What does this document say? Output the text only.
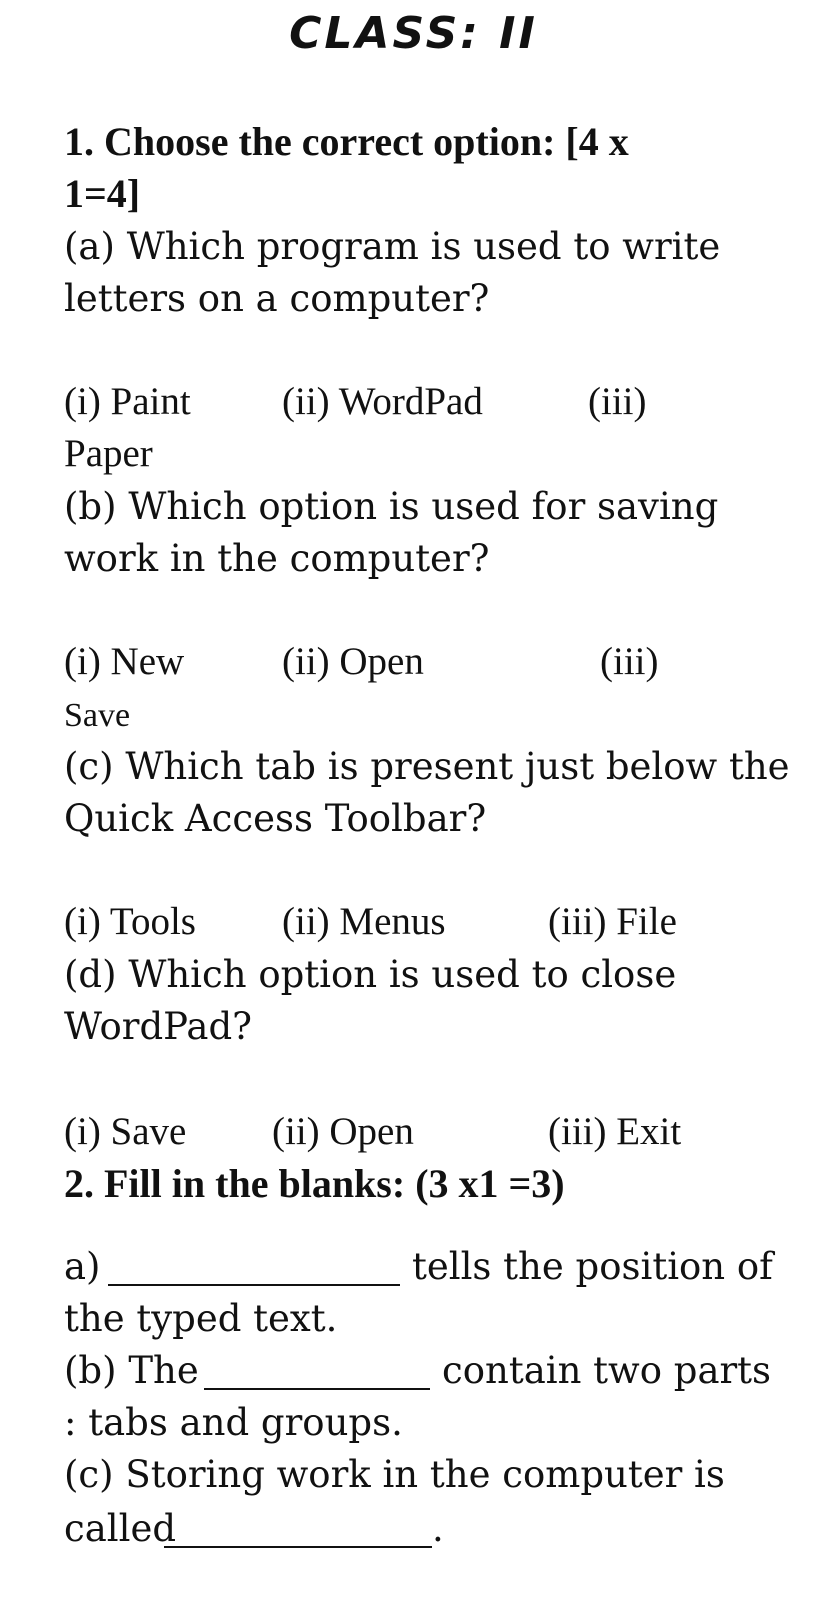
CLASS: II
1. Choose the correct option: [4 x
1=4]
(a) Which program is used to write
letters on a computer?
(i) Paint (ii) WordPad	(iii)
Paper
(b) Which option is used for saving
work in the computer?
(i) New	(ii) Open	(iii)
Save
(c) Which tab is present just below the
Quick Access Toolbar?
(i) Tools (ii) Menus	(iii) File
(d) Which option is used to close
WordPad?
(i) Save (ii) Open	(iii) Exit
2. Fill in the blanks: (3 x1 =3)
a)	tells the position of
the typed text.
(b) The	contain two parts
: tabs and groups.
(c) Storing work in the computer is
called	.
